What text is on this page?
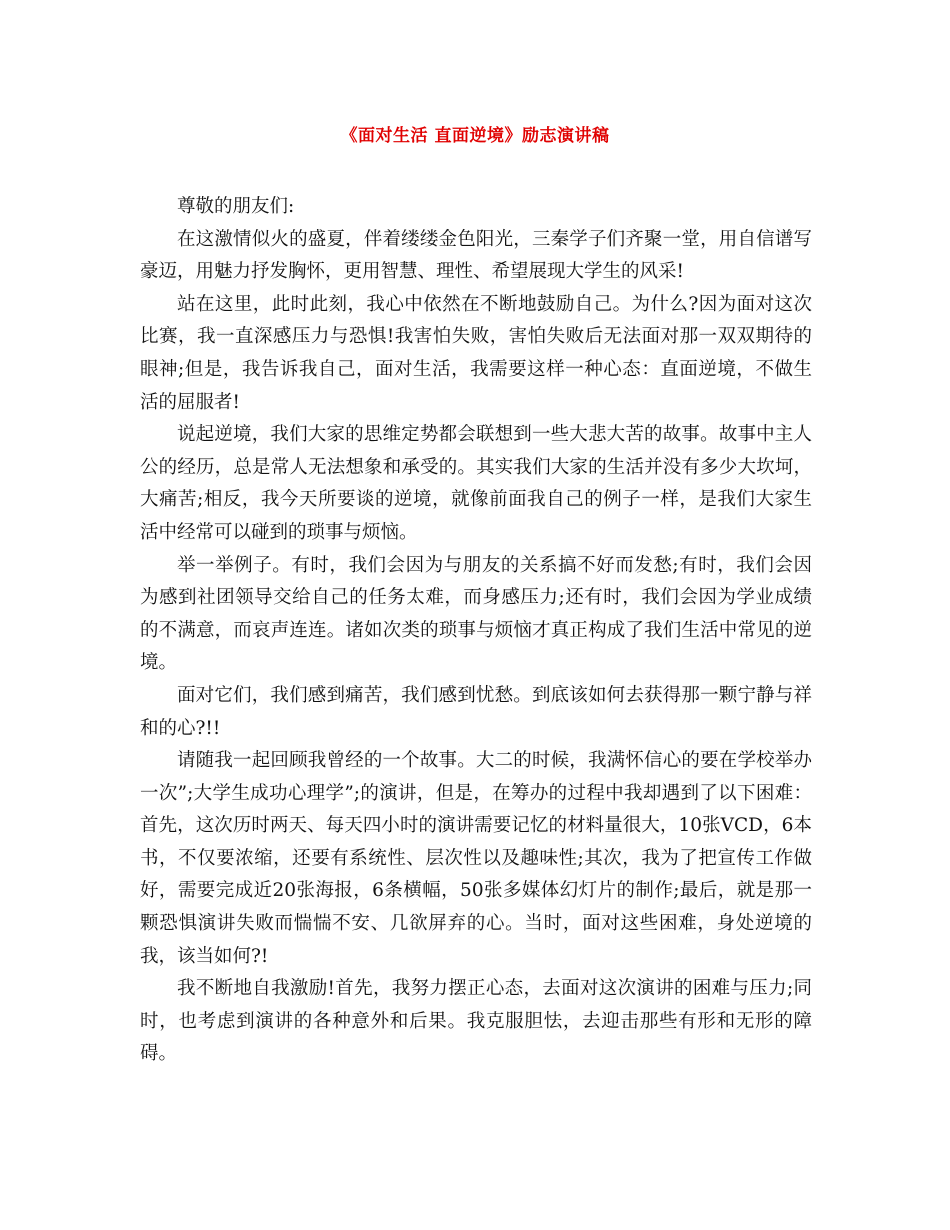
《面对生活 直面逆境》励志演讲稿

尊敬的朋友们:

在这激情似火的盛夏，伴着缕缕金色阳光，三秦学子们齐聚一堂，用自信谱写豪迈，用魅力抒发胸怀，更用智慧、理性、希望展现大学生的风采!

站在这里，此时此刻，我心中依然在不断地鼓励自己。为什么?因为面对这次比赛，我一直深感压力与恐惧!我害怕失败，害怕失败后无法面对那一双双期待的眼神;但是，我告诉我自己，面对生活，我需要这样一种心态：直面逆境，不做生活的屈服者!

说起逆境，我们大家的思维定势都会联想到一些大悲大苦的故事。故事中主人公的经历，总是常人无法想象和承受的。其实我们大家的生活并没有多少大坎坷，大痛苦;相反，我今天所要谈的逆境，就像前面我自己的例子一样，是我们大家生活中经常可以碰到的琐事与烦恼。

举一举例子。有时，我们会因为与朋友的关系搞不好而发愁;有时，我们会因为感到社团领导交给自己的任务太难，而身感压力;还有时，我们会因为学业成绩的不满意，而哀声连连。诸如次类的琐事与烦恼才真正构成了我们生活中常见的逆境。

面对它们，我们感到痛苦，我们感到忧愁。到底该如何去获得那一颗宁静与祥和的心?!!

请随我一起回顾我曾经的一个故事。大二的时候，我满怀信心的要在学校举办一次”;大学生成功心理学”;的演讲，但是，在筹办的过程中我却遇到了以下困难：首先，这次历时两天、每天四小时的演讲需要记忆的材料量很大，10张VCD，6本书，不仅要浓缩，还要有系统性、层次性以及趣味性;其次，我为了把宣传工作做好，需要完成近20张海报，6条横幅，50张多媒体幻灯片的制作;最后，就是那一颗恐惧演讲失败而惴惴不安、几欲屏弃的心。当时，面对这些困难，身处逆境的我，该当如何?!

我不断地自我激励!首先，我努力摆正心态，去面对这次演讲的困难与压力;同时，也考虑到演讲的各种意外和后果。我克服胆怯，去迎击那些有形和无形的障碍。
